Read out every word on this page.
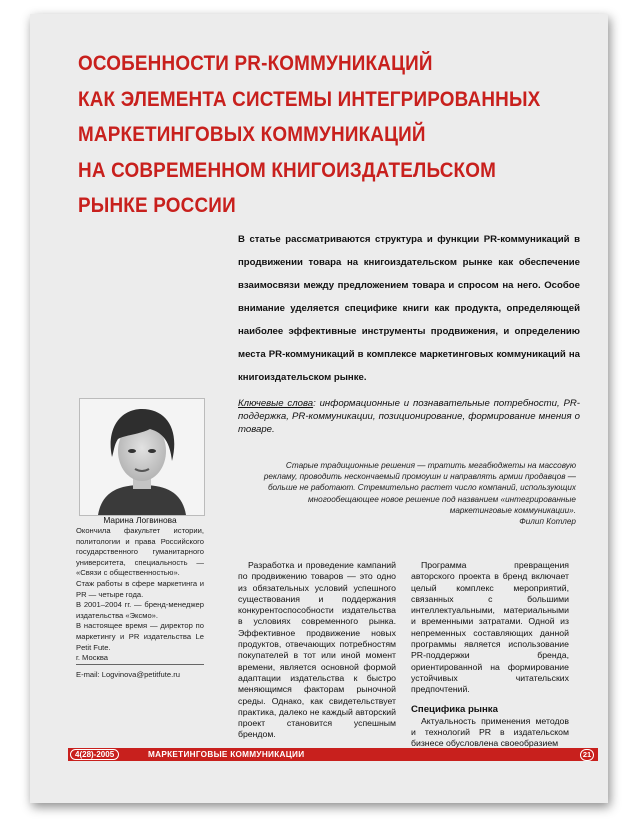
ОСОБЕННОСТИ PR-КОММУНИКАЦИЙ
КАК ЭЛЕМЕНТА СИСТЕМЫ ИНТЕГРИРОВАННЫХ
МАРКЕТИНГОВЫХ КОММУНИКАЦИЙ
НА СОВРЕМЕННОМ КНИГОИЗДАТЕЛЬСКОМ
РЫНКЕ РОССИИ

В статье рассматриваются структура и функции PR-коммуникаций в продвижении товара на книгоиздательском рынке как обеспечение взаимосвязи между предложением товара и спросом на него. Особое внимание уделяется специфике книги как продукта, определяющей наиболее эффективные инструменты продвижения, и определению места PR-коммуникаций в комплексе маркетинговых коммуникаций на книгоиздательском рынке.

Ключевые слова: информационные и познавательные потребности, PR-поддержка, PR-коммуникации, позиционирование, формирование мнения о товаре.

Старые традиционные решения — тратить мегабюджеты на массовую рекламу, проводить нескончаемый промоушн и направлять армии продавцов — больше не работают. Стремительно растет число компаний, использующих многообещающее новое решение под названием «интегрированные маркетинговые коммуникации».
Филип Котлер

Марина Логвинова

Окончила факультет истории, политологии и права Российского государственного гуманитарного университета, специальность — «Связи с общественностью».

Стаж работы в сфере маркетинга и PR — четыре года.

В 2001–2004 гг. — бренд-менеджер издательства «Эксмо».

В настоящее время — директор по маркетингу и PR издательства Le Petit Fute.

г. Москва

E-mail: Logvinova@petitfute.ru

Разработка и проведение кампаний по продвижению товаров — это одно из обязательных условий успешного существования и поддержания конкурентоспособности издательства в условиях современного рынка. Эффективное продвижение новых продуктов, отвечающих потребностям покупателей в тот или иной момент времени, является основной формой адаптации издательства к быстро меняющимся факторам рыночной среды. Однако, как свидетельствует практика, далеко не каждый авторский проект становится успешным брендом.

Программа превращения авторского проекта в бренд включает целый комплекс мероприятий, связанных с большими интеллектуальными, материальными и временными затратами. Одной из непременных составляющих данной программы является использование PR-поддержки бренда, ориентированной на формирование устойчивых читательских предпочтений.

Специфика рынка

Актуальность применения методов и технологий PR в издательском бизнесе обусловлена своеобразием

4(28)-2005	МАРКЕТИНГОВЫЕ КОММУНИКАЦИИ	21
